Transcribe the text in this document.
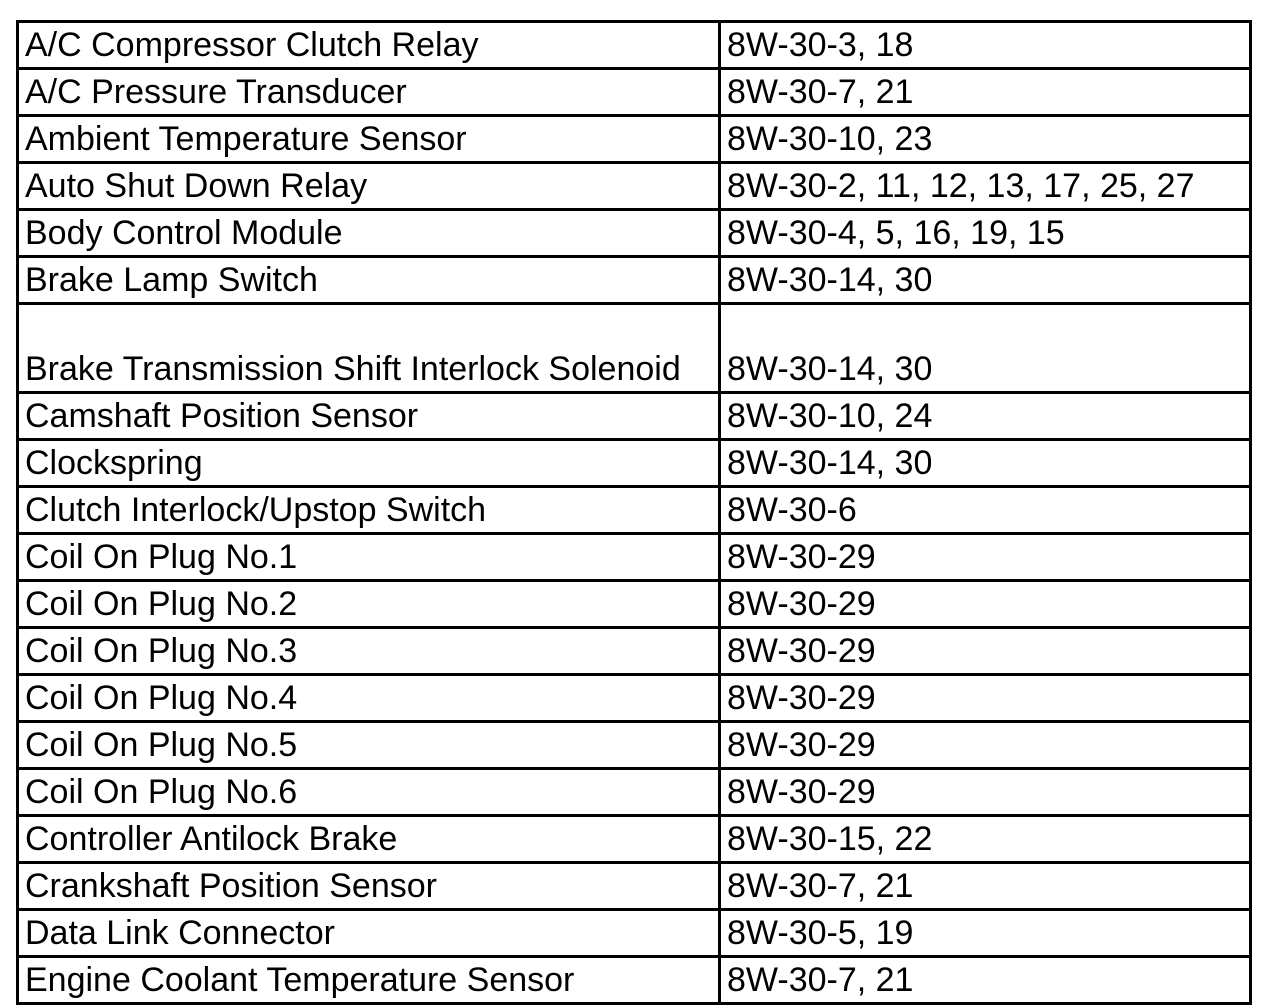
A/C Compressor Clutch Relay	8W-30-3, 18
A/C Pressure Transducer	8W-30-7, 21
Ambient Temperature Sensor	8W-30-10, 23
Auto Shut Down Relay	8W-30-2, 11, 12, 13, 17, 25, 27
Body Control Module	8W-30-4, 5, 16, 19, 15
Brake Lamp Switch	8W-30-14, 30
Brake Transmission Shift Interlock Solenoid	8W-30-14, 30
Camshaft Position Sensor	8W-30-10, 24
Clockspring	8W-30-14, 30
Clutch Interlock/Upstop Switch	8W-30-6
Coil On Plug No.1	8W-30-29
Coil On Plug No.2	8W-30-29
Coil On Plug No.3	8W-30-29
Coil On Plug No.4	8W-30-29
Coil On Plug No.5	8W-30-29
Coil On Plug No.6	8W-30-29
Controller Antilock Brake	8W-30-15, 22
Crankshaft Position Sensor	8W-30-7, 21
Data Link Connector	8W-30-5, 19
Engine Coolant Temperature Sensor	8W-30-7, 21
